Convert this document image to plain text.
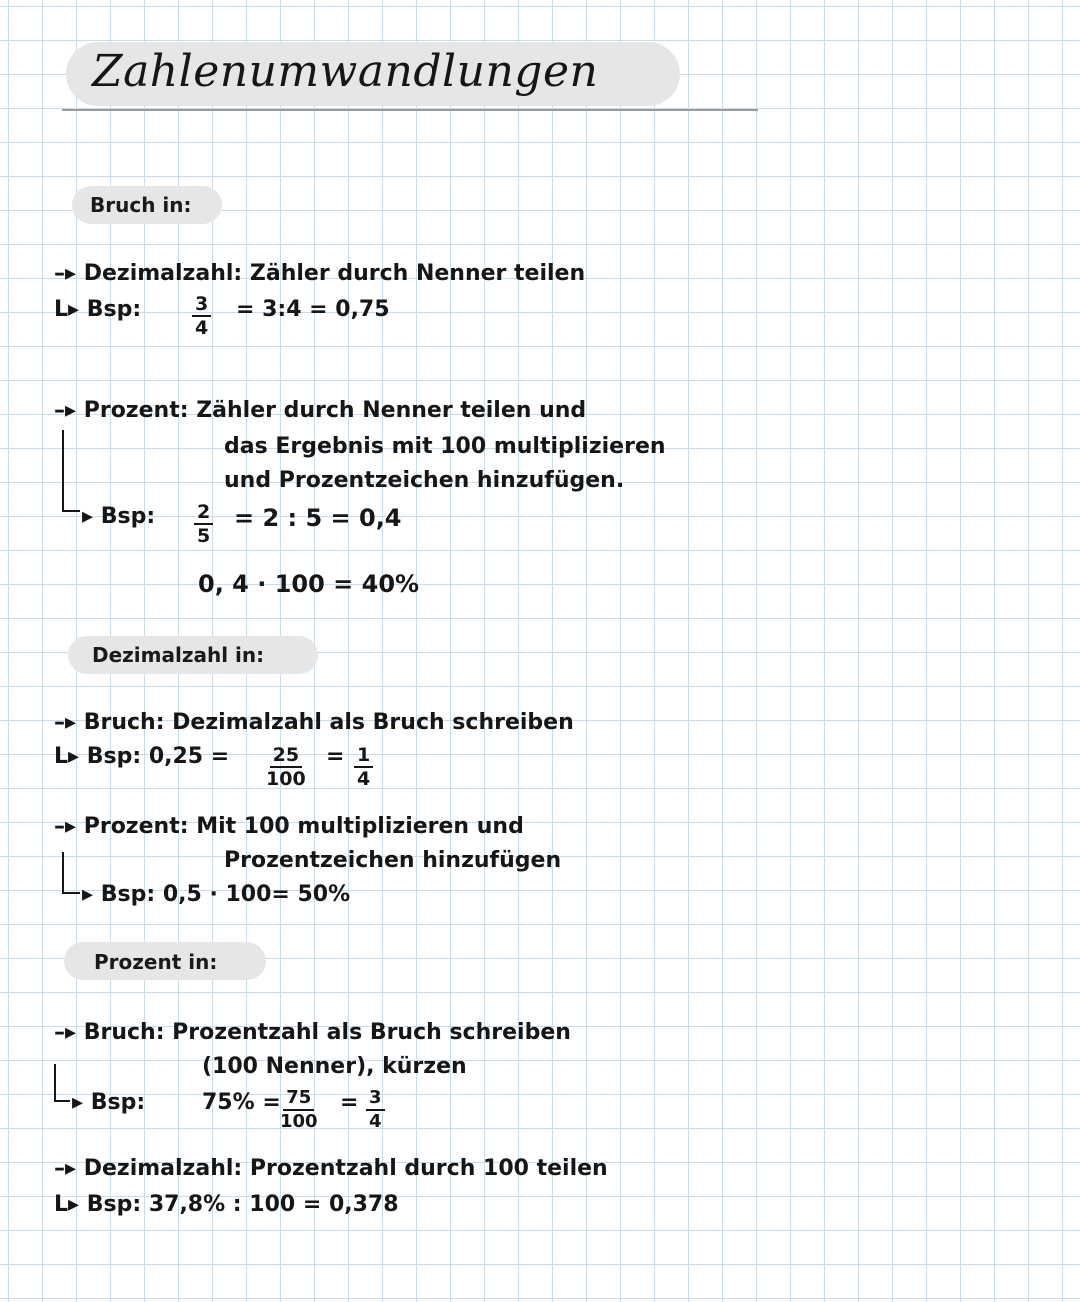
Zahlenumwandlungen
Bruch in:
–▸ Dezimalzahl: Zähler durch Nenner teilen
L▸ Bsp:	$\frac{3}{4}$ = 3:4 = 0,75
–▸ Prozent: Zähler durch Nenner teilen und
das Ergebnis mit 100 multiplizieren
und Prozentzeichen hinzufügen.
▸ Bsp: $\frac{2}{5} = 2$ : 5 = 0,4
0, 4 · 100 = 40%
Dezimalzahl in:
–▸ Bruch: Dezimalzahl als Bruch schreiben
L▸ Bsp: $0,25 = \frac{25}{100} = \frac{1}{4}$
–▸ Prozent: Mit 100 multiplizieren und
Prozentzeichen hinzufügen
▸ Bsp: 0,5 · 100= 50%
Prozent in:
–▸ Bruch: Prozentzahl als Bruch schreiben
(100 Nenner), kürzen
▸ Bsp:	$75\% = \frac{75}{100} = \frac{3}{4}$
–▸ Dezimalzahl: Prozentzahl durch 100 teilen
L▸ Bsp: 37,8% : 100 = 0,378
